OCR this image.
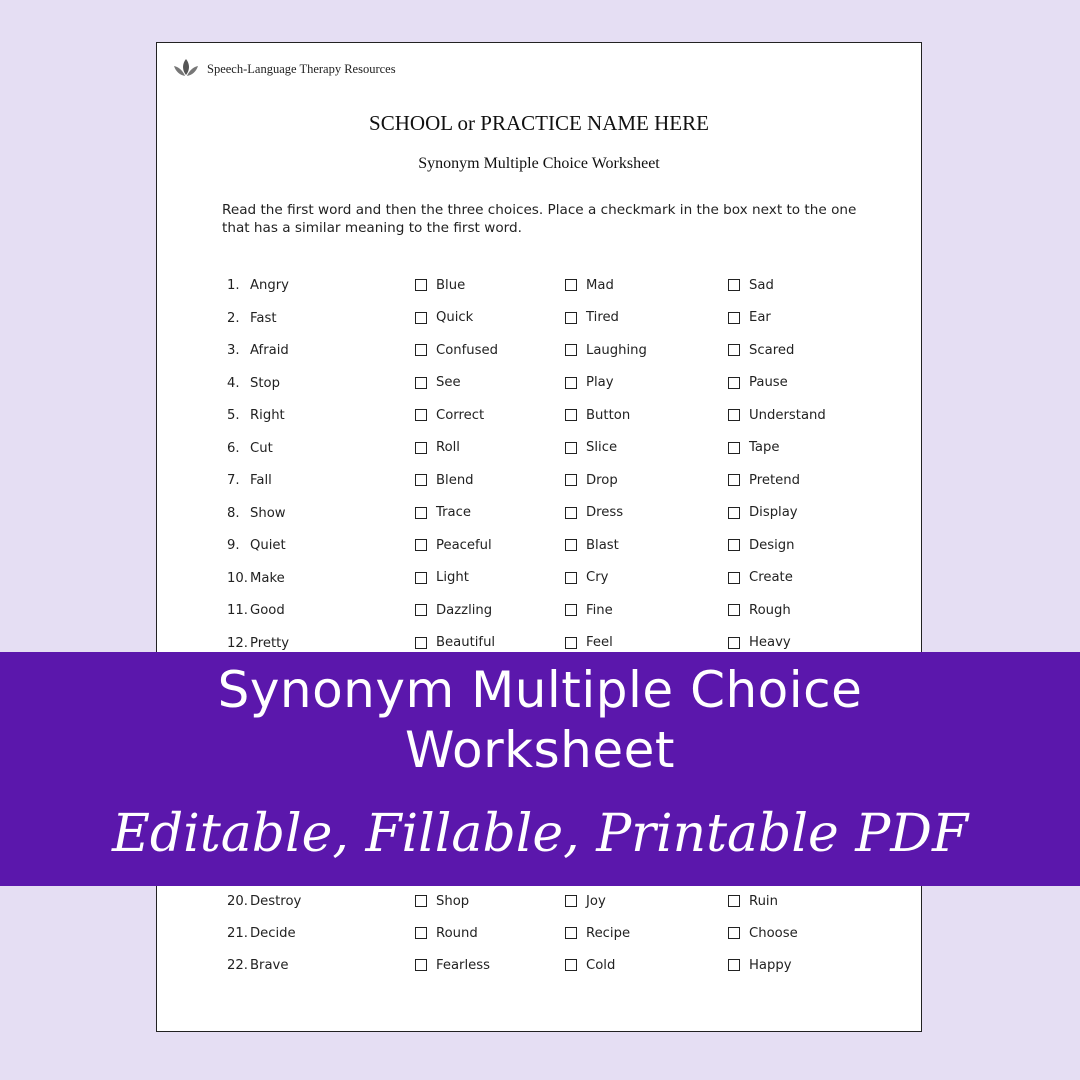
Speech-Language Therapy Resources
SCHOOL or PRACTICE NAME HERE
Synonym Multiple Choice Worksheet
Read the first word and then the three choices. Place a checkmark in the box next to the one that has a similar meaning to the first word.
1. Angry	Blue	Mad	Sad
2. Fast	Quick	Tired	Ear
3. Afraid	Confused	Laughing	Scared
4. Stop	See	Play	Pause
5. Right	Correct	Button	Understand
6. Cut	Roll	Slice	Tape
7. Fall	Blend	Drop	Pretend
8. Show	Trace	Dress	Display
9. Quiet	Peaceful	Blast	Design
10. Make	Light	Cry	Create
11. Good	Dazzling	Fine	Rough
12. Pretty	Beautiful	Feel	Heavy
20. Destroy	Shop	Joy	Ruin
21. Decide	Round	Recipe	Choose
22. Brave	Fearless	Cold	Happy
Synonym Multiple Choice
Worksheet
Editable, Fillable, Printable PDF
